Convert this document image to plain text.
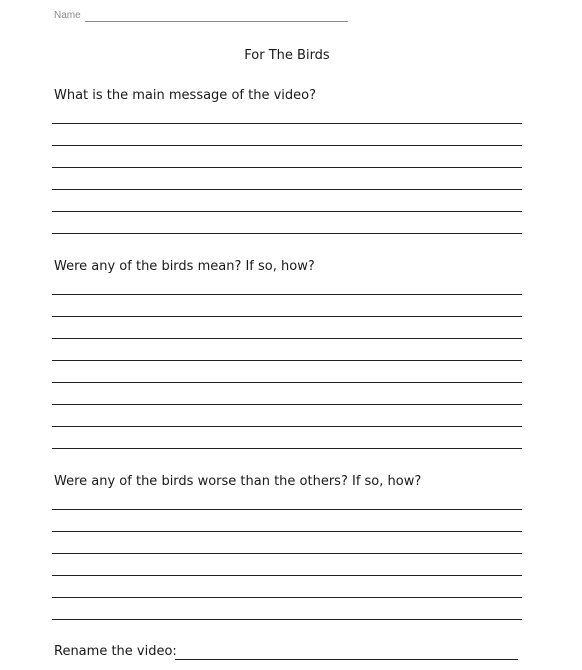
Name
For The Birds
What is the main message of the video?
Were any of the birds mean? If so, how?
Were any of the birds worse than the others? If so, how?
Rename the video:
